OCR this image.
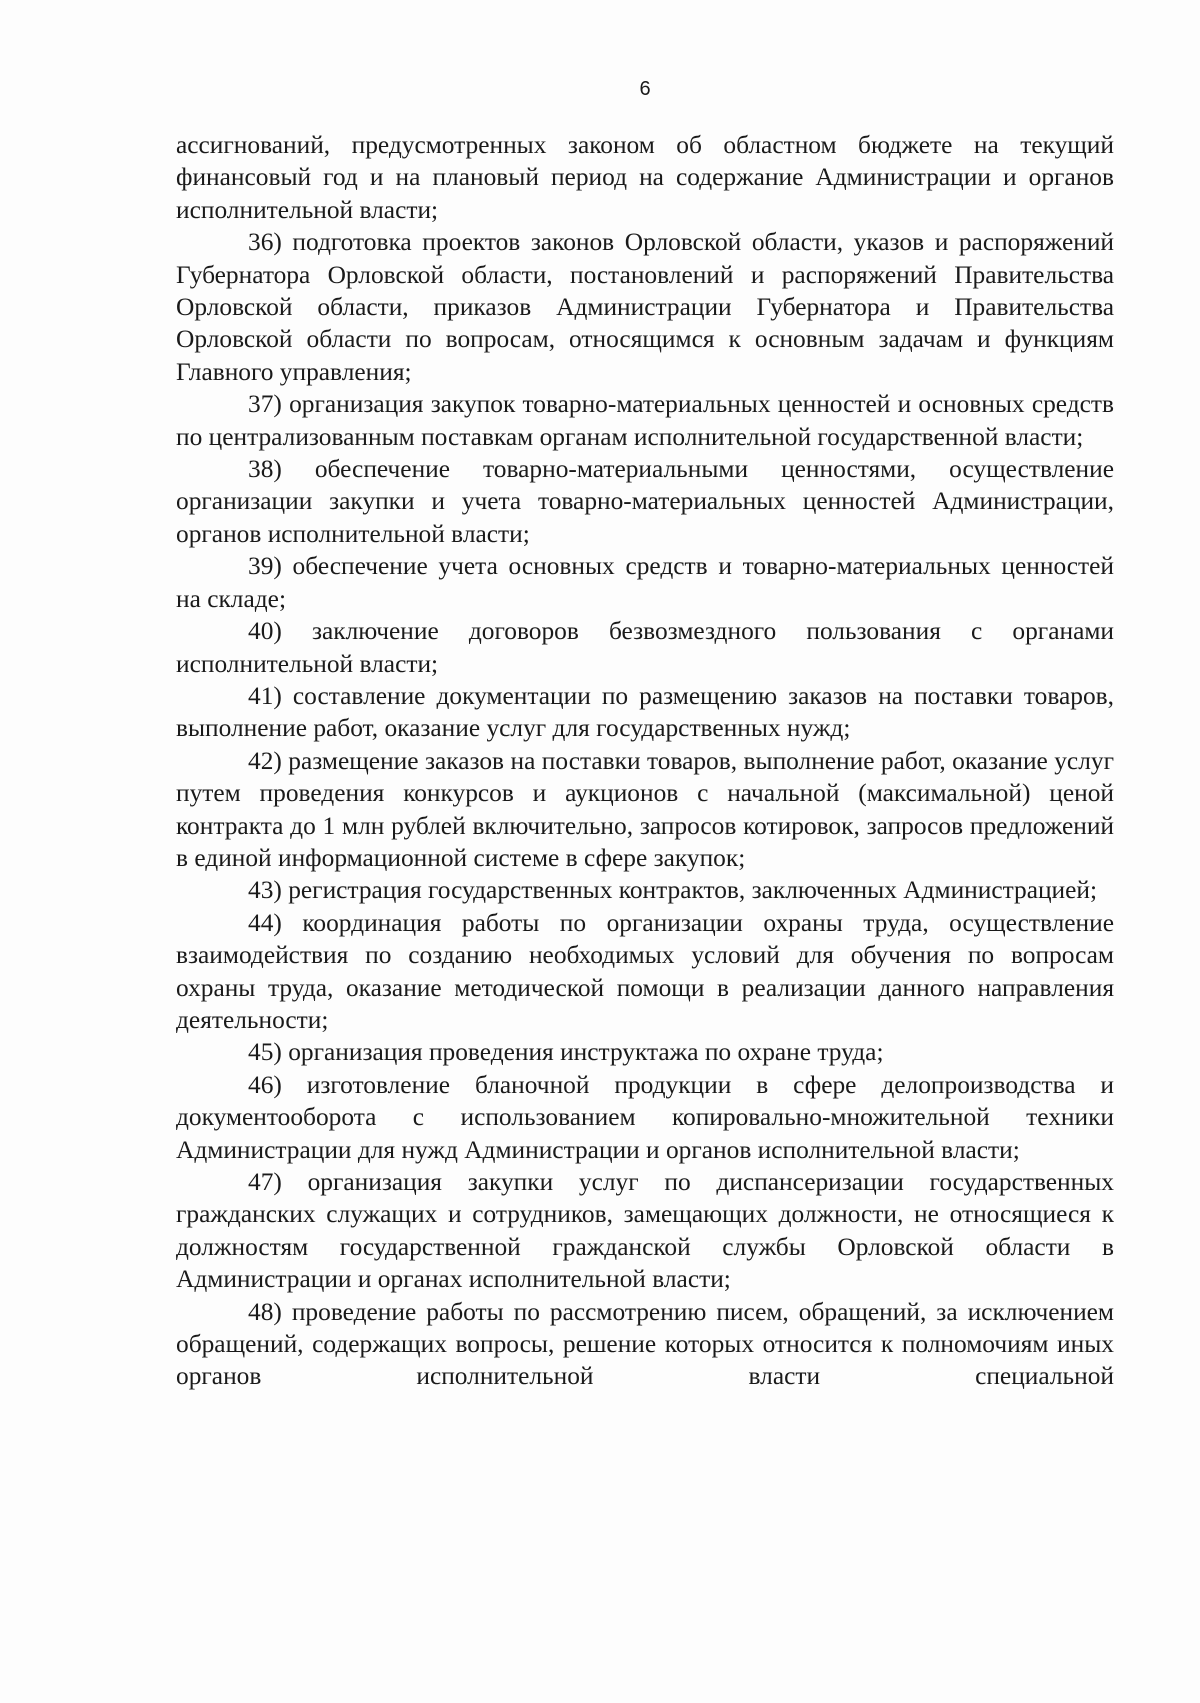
6

ассигнований, предусмотренных законом об областном бюджете на текущий финансовый год и на плановый период на содержание Администрации и органов исполнительной власти;

36) подготовка проектов законов Орловской области, указов и распоряжений Губернатора Орловской области, постановлений и распоряжений Правительства Орловской области, приказов Администрации Губернатора и Правительства Орловской области по вопросам, относящимся к основным задачам и функциям Главного управления;

37) организация закупок товарно-материальных ценностей и основных средств по централизованным поставкам органам исполнительной государственной власти;

38) обеспечение товарно-материальными ценностями, осуществление организации закупки и учета товарно-материальных ценностей Администрации, органов исполнительной власти;

39) обеспечение учета основных средств и товарно-материальных ценностей на складе;

40) заключение договоров безвозмездного пользования с органами исполнительной власти;

41) составление документации по размещению заказов на поставки товаров, выполнение работ, оказание услуг для государственных нужд;

42) размещение заказов на поставки товаров, выполнение работ, оказание услуг путем проведения конкурсов и аукционов с начальной (максимальной) ценой контракта до 1 млн рублей включительно, запросов котировок, запросов предложений в единой информационной системе в сфере закупок;

43) регистрация государственных контрактов, заключенных Администрацией;

44) координация работы по организации охраны труда, осуществление взаимодействия по созданию необходимых условий для обучения по вопросам охраны труда, оказание методической помощи в реализации данного направления деятельности;

45) организация проведения инструктажа по охране труда;

46) изготовление бланочной продукции в сфере делопроизводства и документооборота с использованием копировально-множительной техники Администрации для нужд Администрации и органов исполнительной власти;

47) организация закупки услуг по диспансеризации государственных гражданских служащих и сотрудников, замещающих должности, не относящиеся к должностям государственной гражданской службы Орловской области в Администрации и органах исполнительной власти;

48) проведение работы по рассмотрению писем, обращений, за исключением обращений, содержащих вопросы, решение которых относится к полномочиям иных органов исполнительной власти специальной
